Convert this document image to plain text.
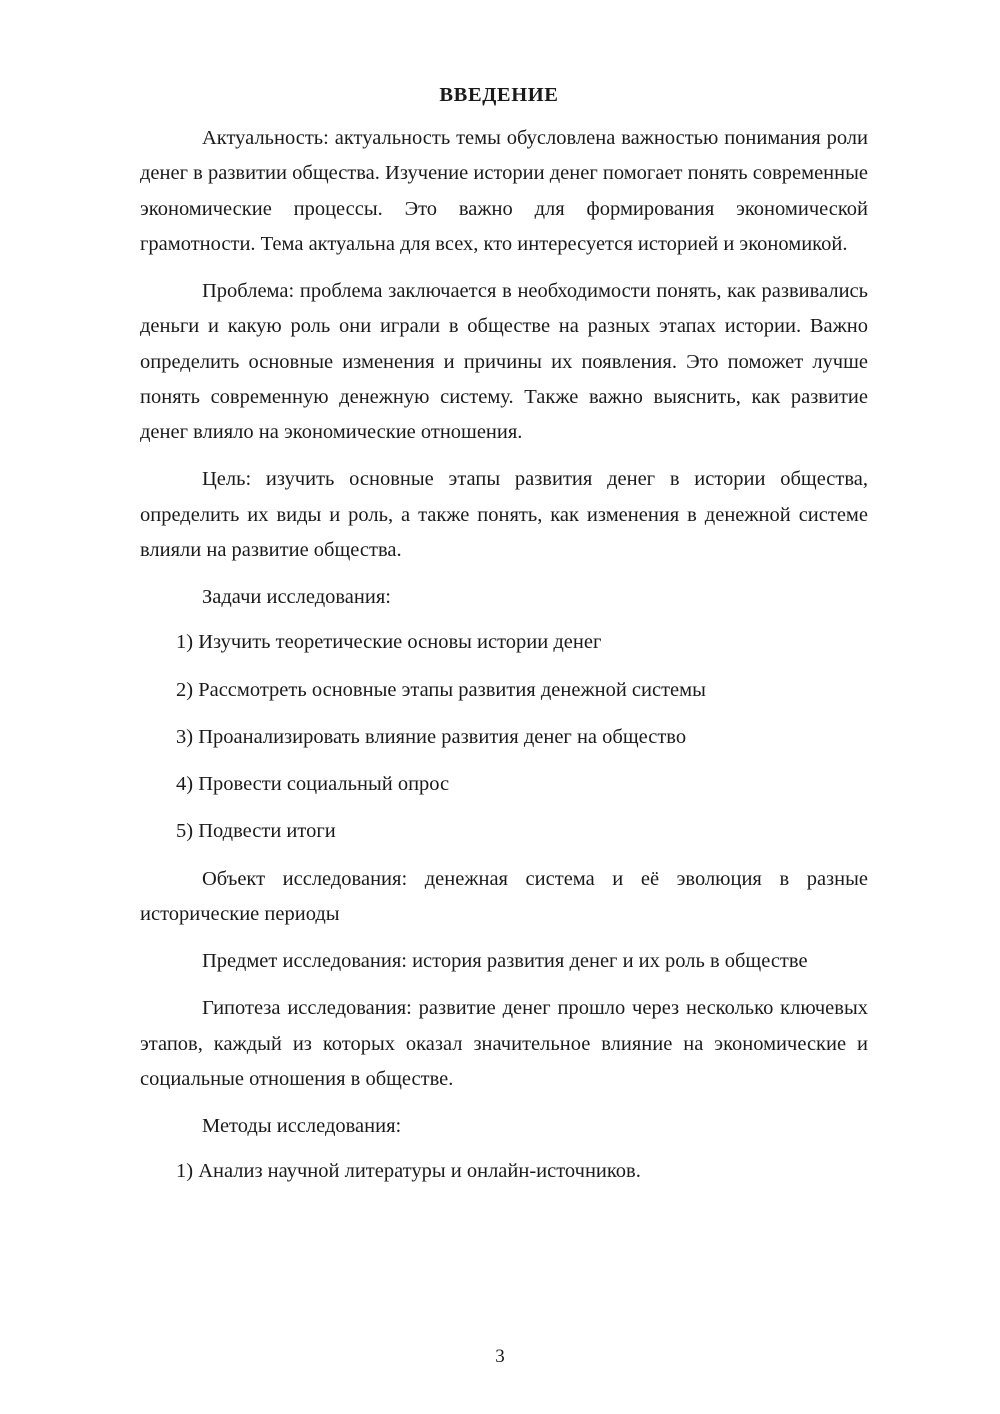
ВВЕДЕНИЕ

Актуальность: актуальность темы обусловлена важностью понимания роли денег в развитии общества. Изучение истории денег помогает понять современные экономические процессы. Это важно для формирования экономической грамотности. Тема актуальна для всех, кто интересуется историей и экономикой.

Проблема: проблема заключается в необходимости понять, как развивались деньги и какую роль они играли в обществе на разных этапах истории. Важно определить основные изменения и причины их появления. Это поможет лучше понять современную денежную систему. Также важно выяснить, как развитие денег влияло на экономические отношения.

Цель: изучить основные этапы развития денег в истории общества, определить их виды и роль, а также понять, как изменения в денежной системе влияли на развитие общества.

Задачи исследования:

1) Изучить теоретические основы истории денег

2) Рассмотреть основные этапы развития денежной системы

3) Проанализировать влияние развития денег на общество

4) Провести социальный опрос

5) Подвести итоги

Объект исследования: денежная система и её эволюция в разные исторические периоды

Предмет исследования: история развития денег и их роль в обществе

Гипотеза исследования: развитие денег прошло через несколько ключевых этапов, каждый из которых оказал значительное влияние на экономические и социальные отношения в обществе.

Методы исследования:

1) Анализ научной литературы и онлайн-источников.

3
